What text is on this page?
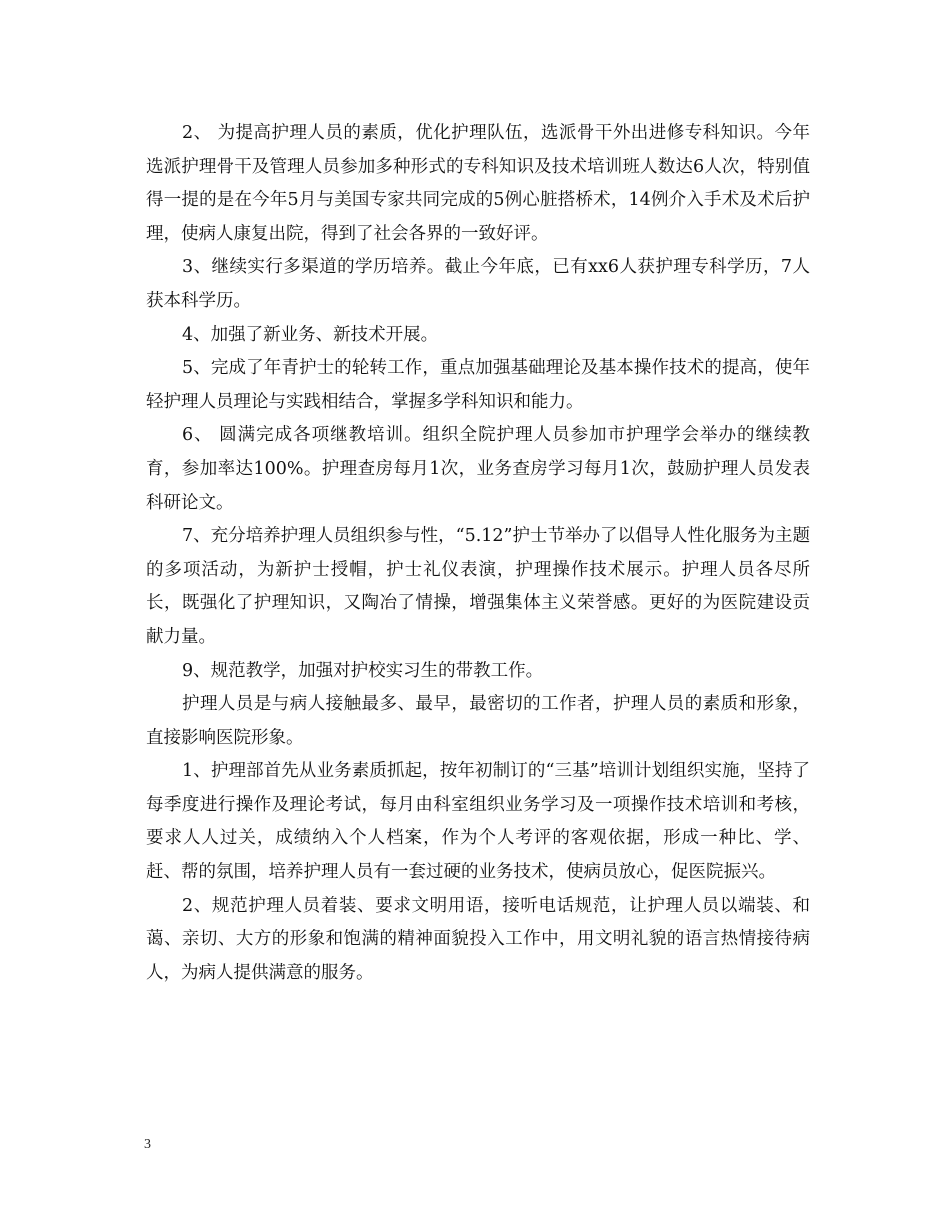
2、 为提高护理人员的素质，优化护理队伍，选派骨干外出进修专科知识。今年选派护理骨干及管理人员参加多种形式的专科知识及技术培训班人数达6人次，特别值得一提的是在今年5月与美国专家共同完成的5例心脏搭桥术，14例介入手术及术后护理，使病人康复出院，得到了社会各界的一致好评。

3、继续实行多渠道的学历培养。截止今年底，已有xx6人获护理专科学历，7人获本科学历。

4、加强了新业务、新技术开展。

5、完成了年青护士的轮转工作，重点加强基础理论及基本操作技术的提高，使年轻护理人员理论与实践相结合，掌握多学科知识和能力。

6、 圆满完成各项继教培训。组织全院护理人员参加市护理学会举办的继续教育，参加率达100%。护理查房每月1次，业务查房学习每月1次，鼓励护理人员发表科研论文。

7、充分培养护理人员组织参与性，“5.12”护士节举办了以倡导人性化服务为主题的多项活动，为新护士授帽，护士礼仪表演，护理操作技术展示。护理人员各尽所长，既强化了护理知识，又陶冶了情操，增强集体主义荣誉感。更好的为医院建设贡献力量。

9、规范教学，加强对护校实习生的带教工作。

护理人员是与病人接触最多、最早，最密切的工作者，护理人员的素质和形象，直接影响医院形象。

1、护理部首先从业务素质抓起，按年初制订的“三基”培训计划组织实施，坚持了每季度进行操作及理论考试，每月由科室组织业务学习及一项操作技术培训和考核，要求人人过关，成绩纳入个人档案，作为个人考评的客观依据，形成一种比、学、赶、帮的氛围，培养护理人员有一套过硬的业务技术，使病员放心，促医院振兴。

2、规范护理人员着装、要求文明用语，接听电话规范，让护理人员以端装、和蔼、亲切、大方的形象和饱满的精神面貌投入工作中，用文明礼貌的语言热情接待病人，为病人提供满意的服务。

3
